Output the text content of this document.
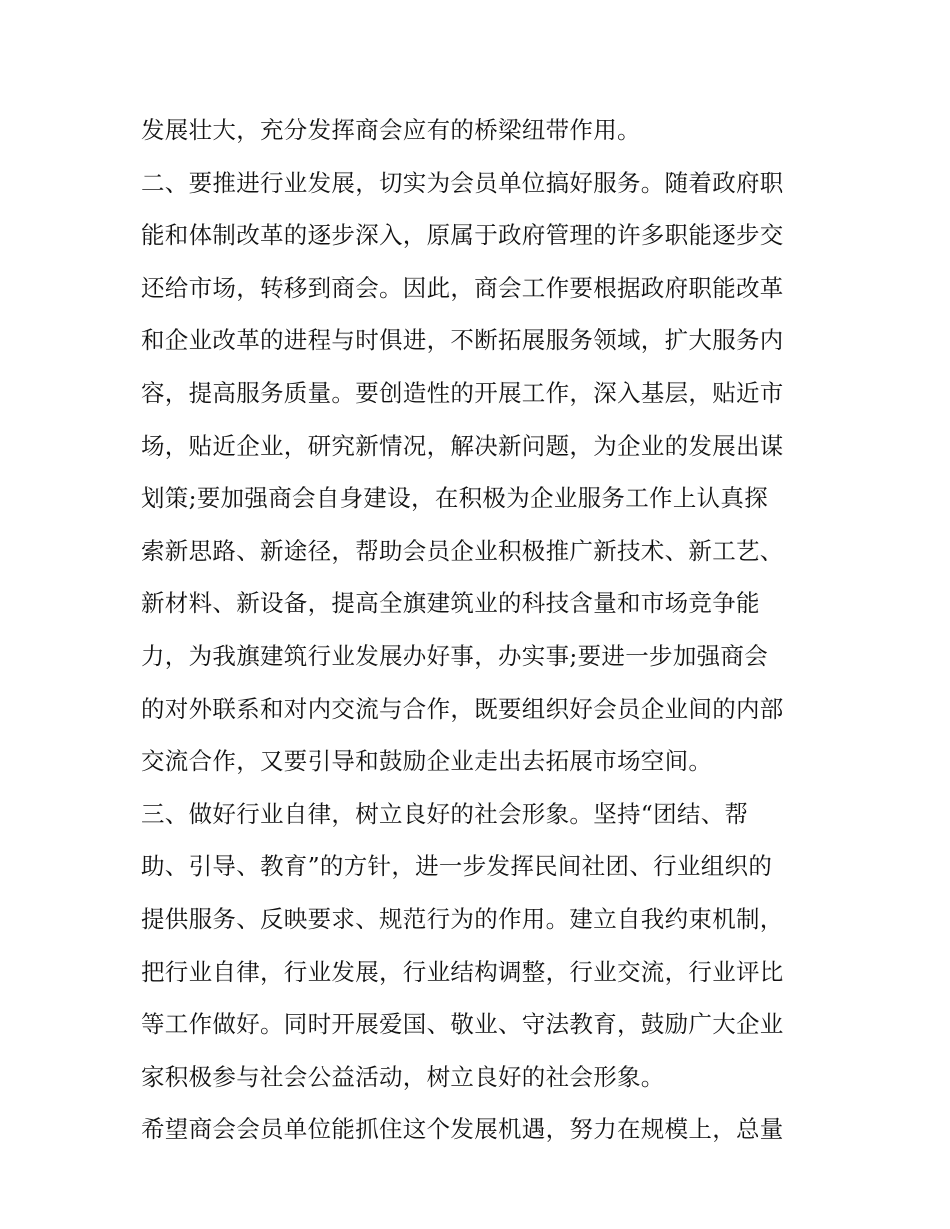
发展壮大，充分发挥商会应有的桥梁纽带作用。
二、要推进行业发展，切实为会员单位搞好服务。随着政府职
能和体制改革的逐步深入，原属于政府管理的许多职能逐步交
还给市场，转移到商会。因此，商会工作要根据政府职能改革
和企业改革的进程与时俱进，不断拓展服务领域，扩大服务内
容，提高服务质量。要创造性的开展工作，深入基层，贴近市
场，贴近企业，研究新情况，解决新问题，为企业的发展出谋
划策;要加强商会自身建设，在积极为企业服务工作上认真探
索新思路、新途径，帮助会员企业积极推广新技术、新工艺、
新材料、新设备，提高全旗建筑业的科技含量和市场竞争能
力，为我旗建筑行业发展办好事，办实事;要进一步加强商会
的对外联系和对内交流与合作，既要组织好会员企业间的内部
交流合作，又要引导和鼓励企业走出去拓展市场空间。
三、做好行业自律，树立良好的社会形象。坚持“团结、帮
助、引导、教育”的方针，进一步发挥民间社团、行业组织的
提供服务、反映要求、规范行为的作用。建立自我约束机制，
把行业自律，行业发展，行业结构调整，行业交流，行业评比
等工作做好。同时开展爱国、敬业、守法教育，鼓励广大企业
家积极参与社会公益活动，树立良好的社会形象。
希望商会会员单位能抓住这个发展机遇，努力在规模上，总量
